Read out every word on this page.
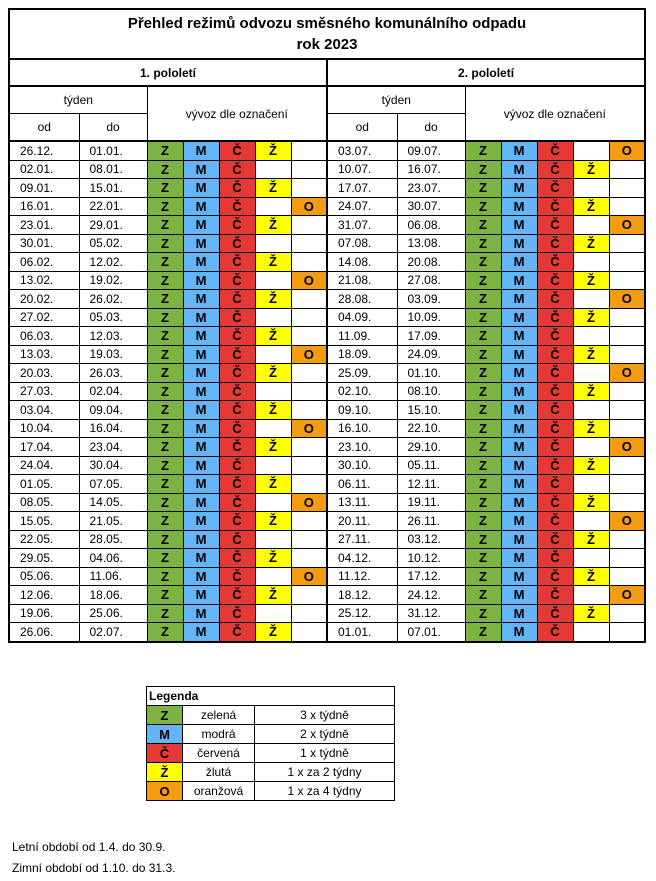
Přehled režimů odvozu směsného komunálního odpadu
rok 2023													
1. pololetí							2. pololetí						
týden		vývoz dle označení					týden		vývoz dle označení				
od	do						od	do					
26.12.	01.01.	Z	M	Č	Ž		03.07.	09.07.	Z	M	Č		O
02.01.	08.01.	Z	M	Č			10.07.	16.07.	Z	M	Č	Ž	
09.01.	15.01.	Z	M	Č	Ž		17.07.	23.07.	Z	M	Č		
16.01.	22.01.	Z	M	Č		O	24.07.	30.07.	Z	M	Č	Ž	
23.01.	29.01.	Z	M	Č	Ž		31.07.	06.08.	Z	M	Č		O
30.01.	05.02.	Z	M	Č			07.08.	13.08.	Z	M	Č	Ž	
06.02.	12.02.	Z	M	Č	Ž		14.08.	20.08.	Z	M	Č		
13.02.	19.02.	Z	M	Č		O	21.08.	27.08.	Z	M	Č	Ž	
20.02.	26.02.	Z	M	Č	Ž		28.08.	03.09.	Z	M	Č		O
27.02.	05.03.	Z	M	Č			04.09.	10.09.	Z	M	Č	Ž	
06.03.	12.03.	Z	M	Č	Ž		11.09.	17.09.	Z	M	Č		
13.03.	19.03.	Z	M	Č		O	18.09.	24.09.	Z	M	Č	Ž	
20.03.	26.03.	Z	M	Č	Ž		25.09.	01.10.	Z	M	Č		O
27.03.	02.04.	Z	M	Č			02.10.	08.10.	Z	M	Č	Ž	
03.04.	09.04.	Z	M	Č	Ž		09.10.	15.10.	Z	M	Č		
10.04.	16.04.	Z	M	Č		O	16.10.	22.10.	Z	M	Č	Ž	
17.04.	23.04.	Z	M	Č	Ž		23.10.	29.10.	Z	M	Č		O
24.04.	30.04.	Z	M	Č			30.10.	05.11.	Z	M	Č	Ž	
01.05.	07.05.	Z	M	Č	Ž		06.11.	12.11.	Z	M	Č		
08.05.	14.05.	Z	M	Č		O	13.11.	19.11.	Z	M	Č	Ž	
15.05.	21.05.	Z	M	Č	Ž		20.11.	26.11.	Z	M	Č		O
22.05.	28.05.	Z	M	Č			27.11.	03.12.	Z	M	Č	Ž	
29.05.	04.06.	Z	M	Č	Ž		04.12.	10.12.	Z	M	Č		
05.06.	11.06.	Z	M	Č		O	11.12.	17.12.	Z	M	Č	Ž	
12.06.	18.06.	Z	M	Č	Ž		18.12.	24.12.	Z	M	Č		O
19.06.	25.06.	Z	M	Č			25.12.	31.12.	Z	M	Č	Ž	
26.06.	02.07.	Z	M	Č	Ž		01.01.	07.01.	Z	M	Č		
Legenda		
Z	zelená	3 x týdně
M	modrá	2 x týdně
Č	červená	1 x týdně
Ž	žlutá	1 x za 2 týdny
O	oranžová	1 x za 4 týdny
Letní období od 1.4. do 30.9.
Zimní období od 1.10. do 31.3.
